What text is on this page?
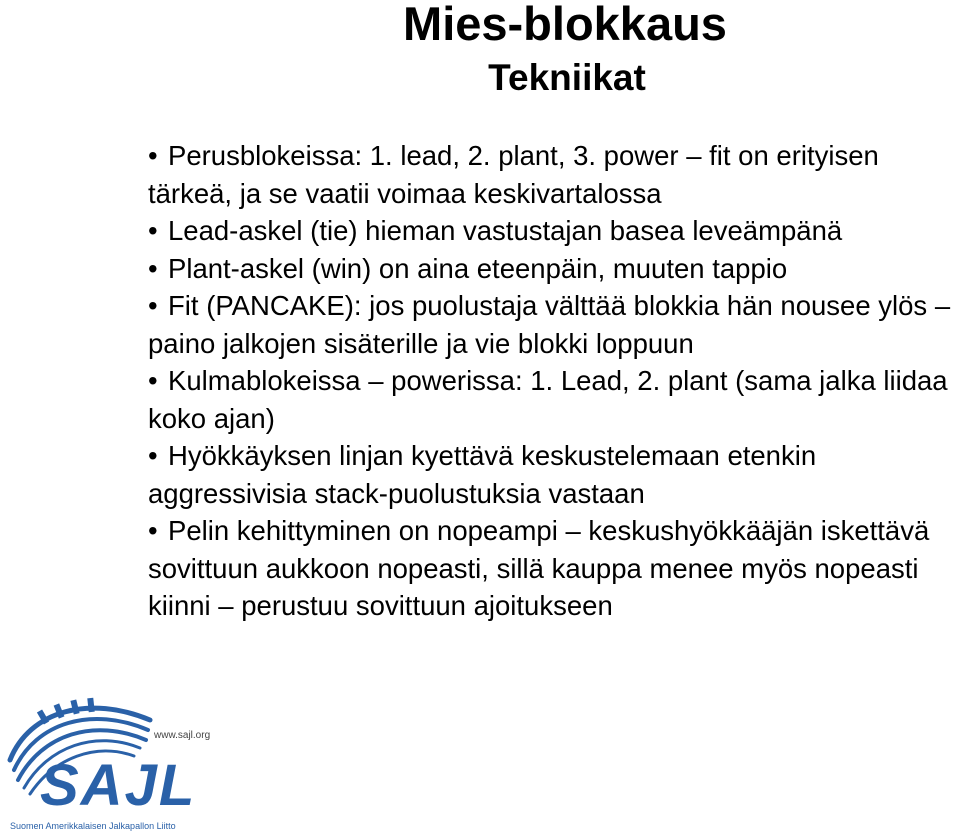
Mies-blokkaus
Tekniikat
• Perusblokeissa: 1. lead, 2. plant, 3. power – fit on erityisen tärkeä, ja se vaatii voimaa keskivartalossa
• Lead-askel (tie) hieman vastustajan basea leveämpänä
• Plant-askel (win) on aina eteenpäin, muuten tappio
• Fit (PANCAKE): jos puolustaja välttää blokkia hän nousee ylös – paino jalkojen sisäterille ja vie blokki loppuun
• Kulmablokeissa – powerissa: 1. Lead, 2. plant (sama jalka liidaa koko ajan)
• Hyökkäyksen linjan kyettävä keskustelemaan etenkin aggressivisia stack-puolustuksia vastaan
• Pelin kehittyminen on nopeampi – keskushyökkääjän iskettävä sovittuun aukkoon nopeasti, sillä kauppa menee myös nopeasti kiinni – perustuu sovittuun ajoitukseen
www.sajl.org
SAJL
Suomen Amerikkalaisen Jalkapallon Liitto
